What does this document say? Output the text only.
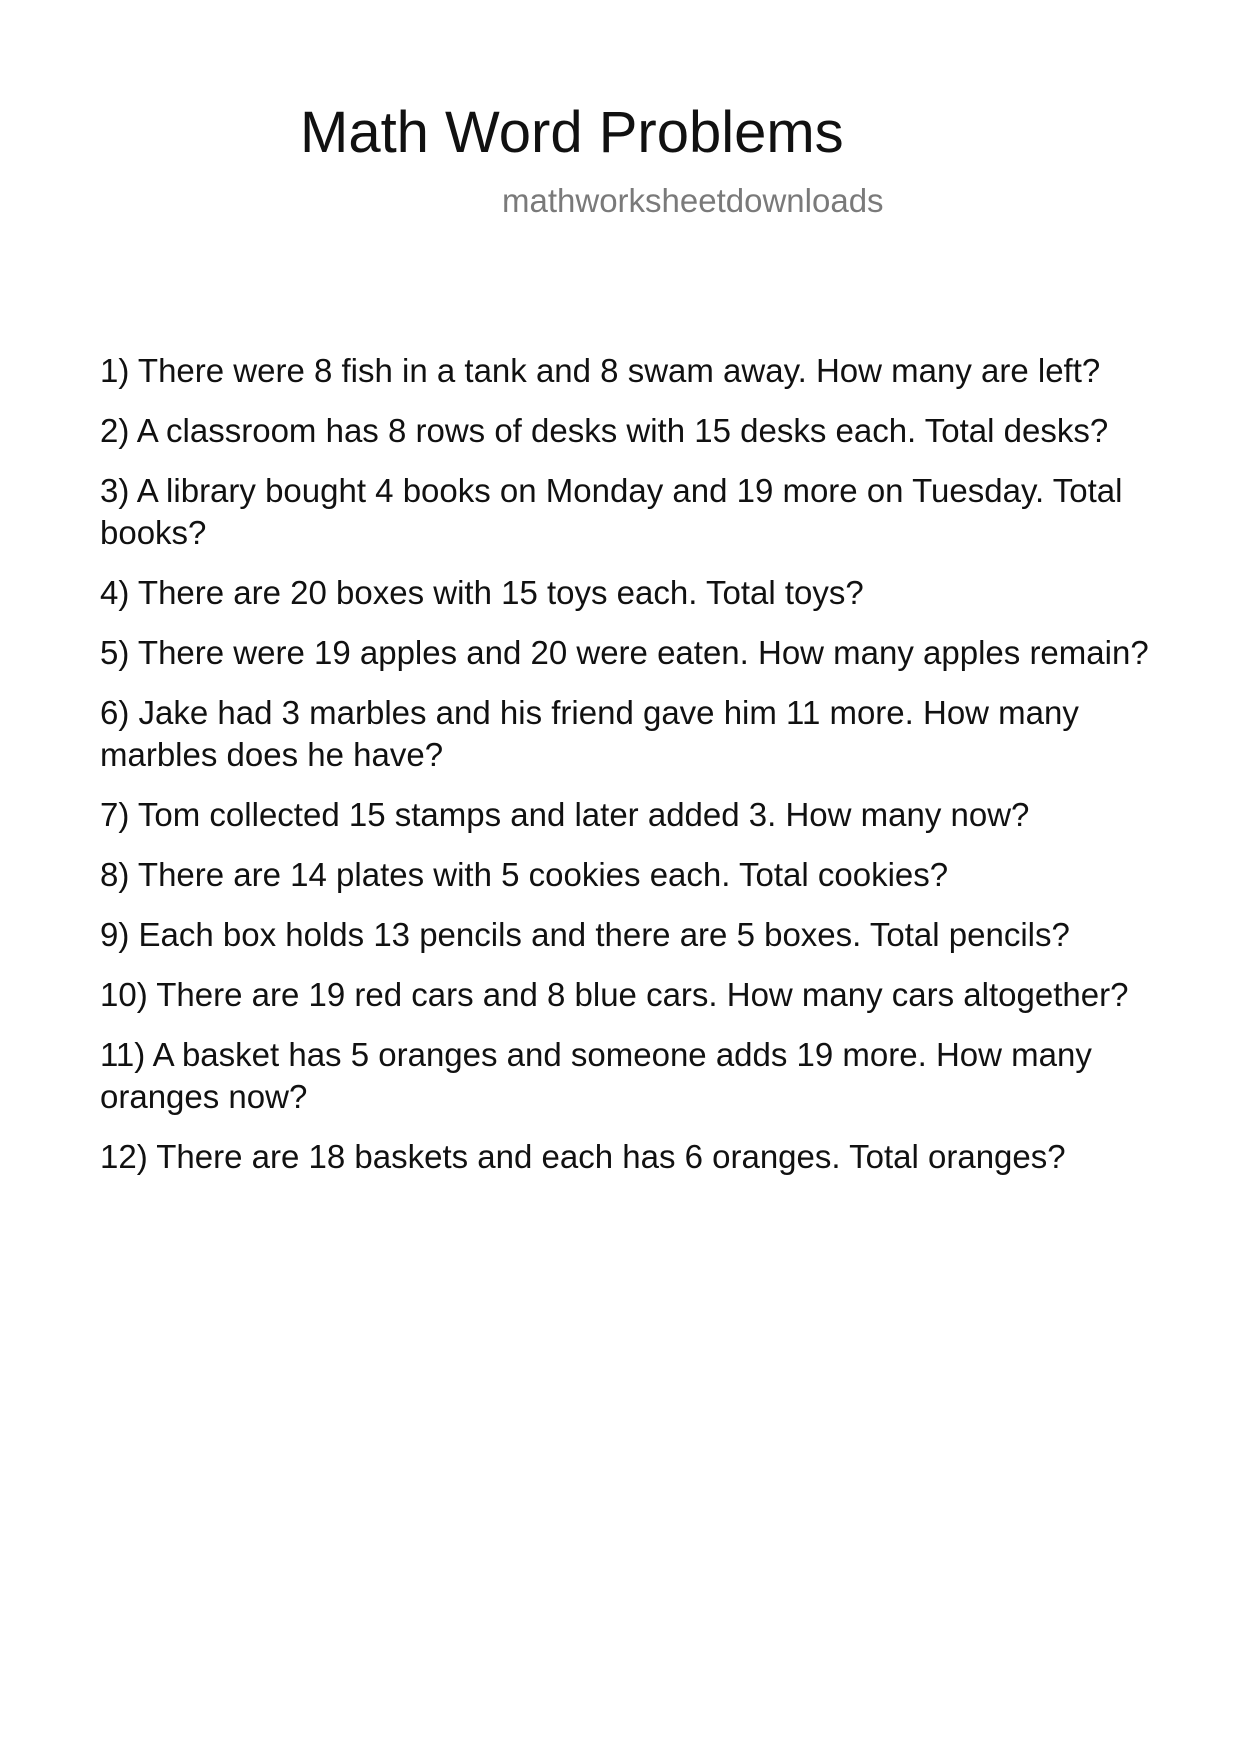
Math Word Problems
mathworksheetdownloads
1) There were 8 fish in a tank and 8 swam away. How many are left?
2) A classroom has 8 rows of desks with 15 desks each. Total desks?
3) A library bought 4 books on Monday and 19 more on Tuesday. Total books?
4) There are 20 boxes with 15 toys each. Total toys?
5) There were 19 apples and 20 were eaten. How many apples remain?
6) Jake had 3 marbles and his friend gave him 11 more. How many marbles does he have?
7) Tom collected 15 stamps and later added 3. How many now?
8) There are 14 plates with 5 cookies each. Total cookies?
9) Each box holds 13 pencils and there are 5 boxes. Total pencils?
10) There are 19 red cars and 8 blue cars. How many cars altogether?
11) A basket has 5 oranges and someone adds 19 more. How many oranges now?
12) There are 18 baskets and each has 6 oranges. Total oranges?
